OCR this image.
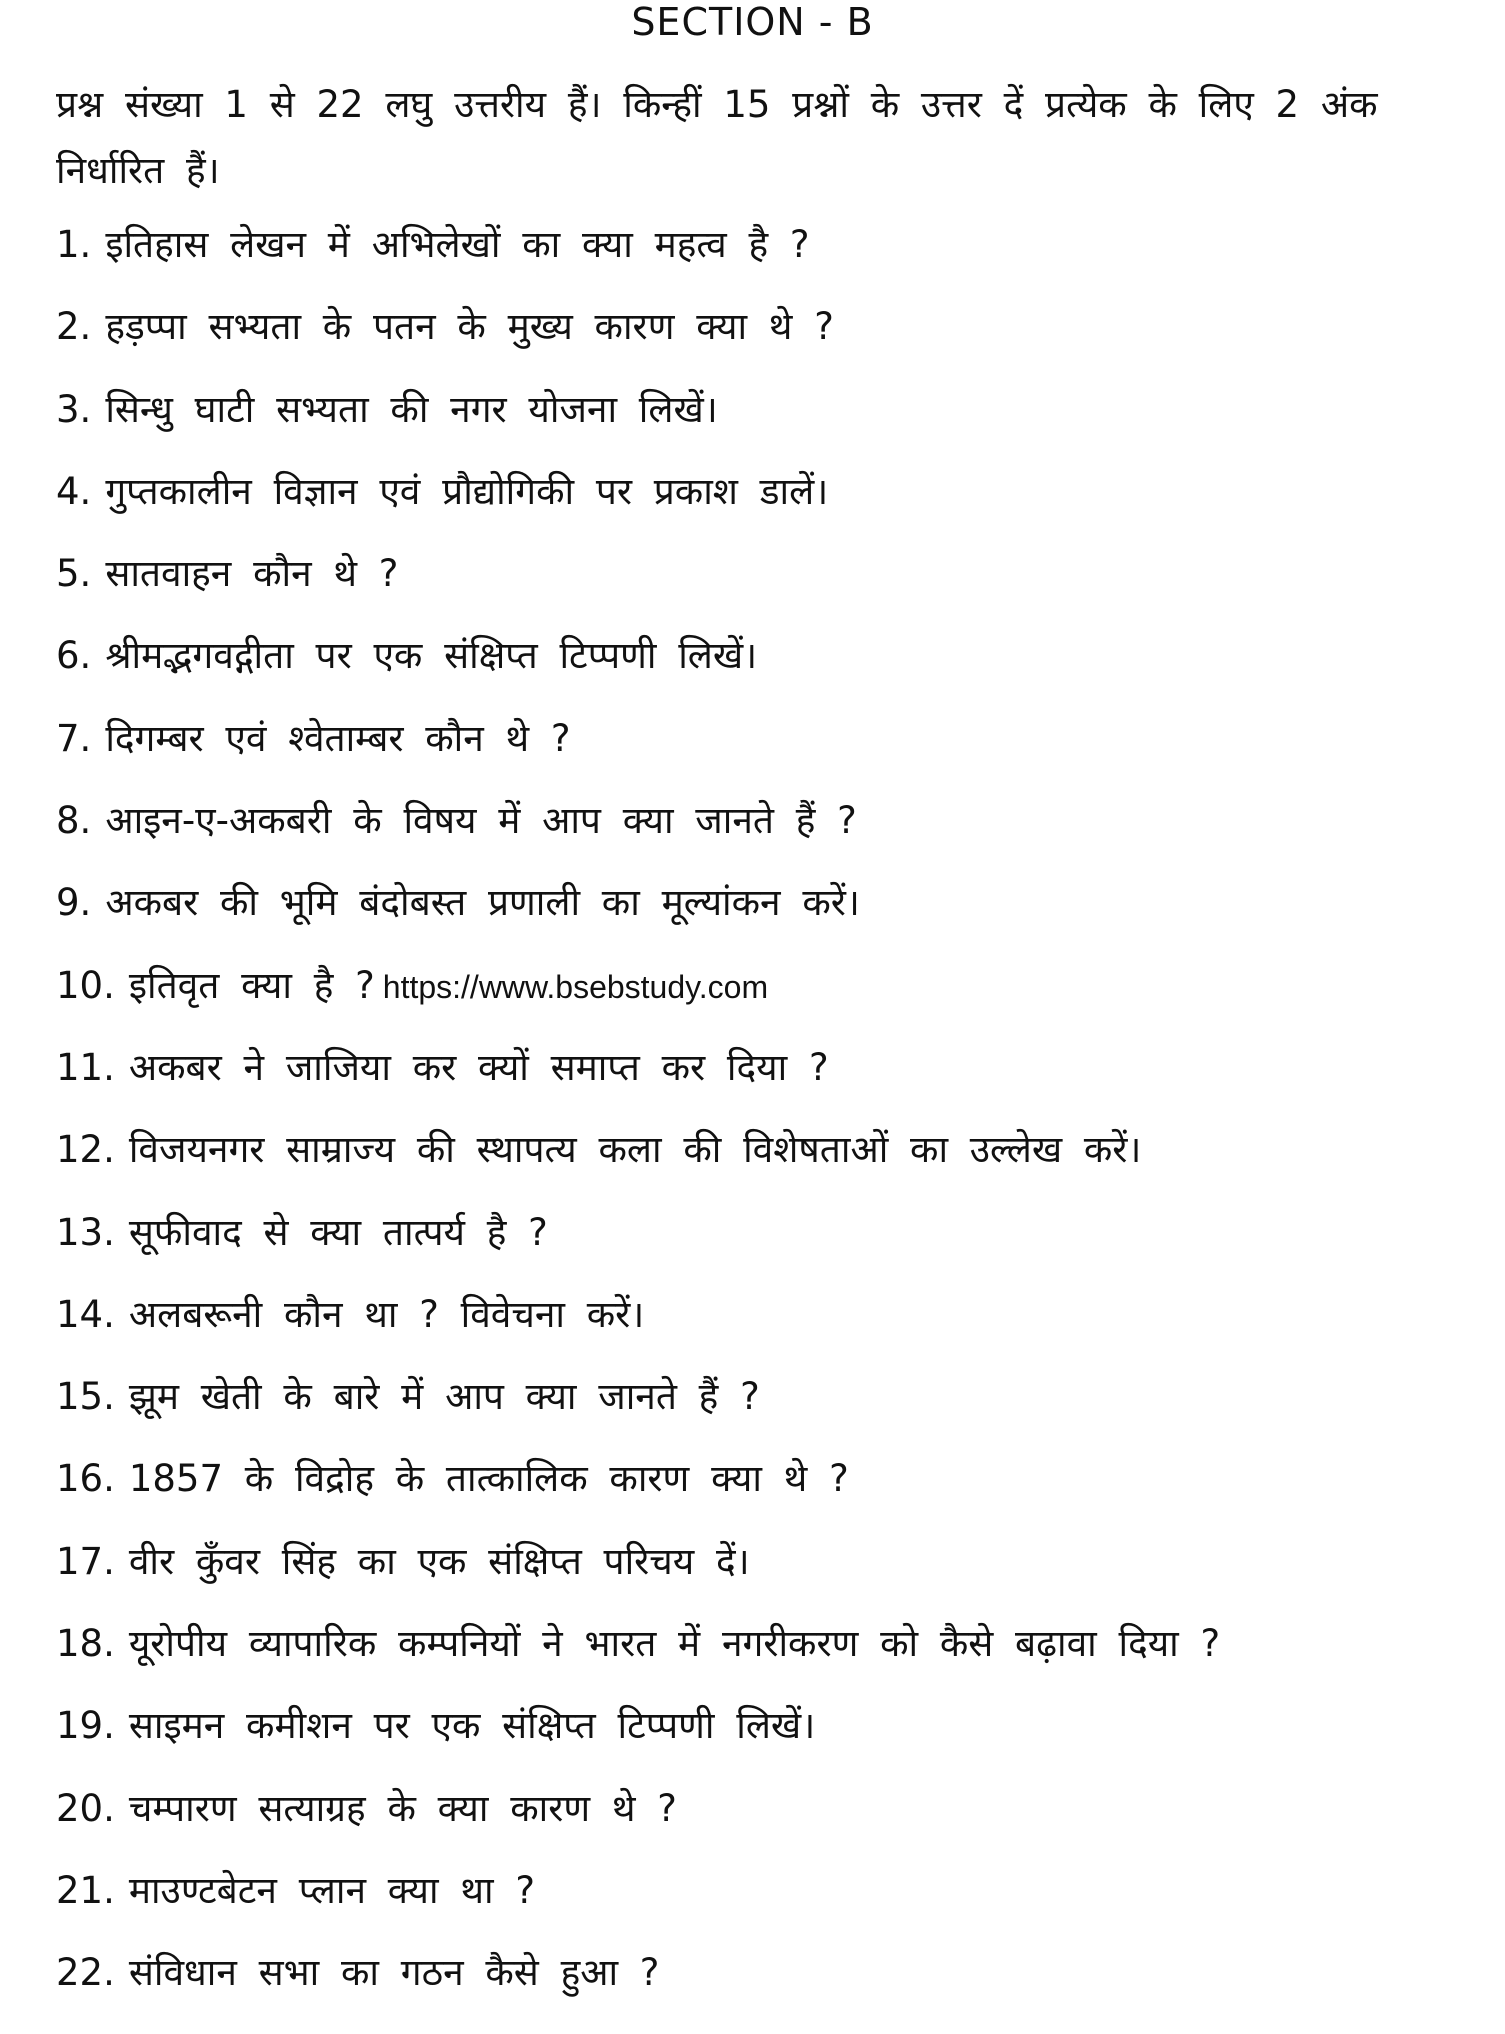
SECTION - B
प्रश्न संख्या 1 से 22 लघु उत्तरीय हैं। किन्हीं 15 प्रश्नों के उत्तर दें प्रत्येक के लिए 2 अंक निर्धारित हैं।
1. इतिहास लेखन में अभिलेखों का क्या महत्व है ?
2. हड़प्पा सभ्यता के पतन के मुख्य कारण क्या थे ?
3. सिन्धु घाटी सभ्यता की नगर योजना लिखें।
4. गुप्तकालीन विज्ञान एवं प्रौद्योगिकी पर प्रकाश डालें।
5. सातवाहन कौन थे ?
6. श्रीमद्भगवद्गीता पर एक संक्षिप्त टिप्पणी लिखें।
7. दिगम्बर एवं श्वेताम्बर कौन थे ?
8. आइन-ए-अकबरी के विषय में आप क्या जानते हैं ?
9. अकबर की भूमि बंदोबस्त प्रणाली का मूल्यांकन करें।
10. इतिवृत क्या है ? https://www.bsebstudy.com
11. अकबर ने जाजिया कर क्यों समाप्त कर दिया ?
12. विजयनगर साम्राज्य की स्थापत्य कला की विशेषताओं का उल्लेख करें।
13. सूफीवाद से क्या तात्पर्य है ?
14. अलबरूनी कौन था ? विवेचना करें।
15. झूम खेती के बारे में आप क्या जानते हैं ?
16. 1857 के विद्रोह के तात्कालिक कारण क्या थे ?
17. वीर कुँवर सिंह का एक संक्षिप्त परिचय दें।
18. यूरोपीय व्यापारिक कम्पनियों ने भारत में नगरीकरण को कैसे बढ़ावा दिया ?
19. साइमन कमीशन पर एक संक्षिप्त टिप्पणी लिखें।
20. चम्पारण सत्याग्रह के क्या कारण थे ?
21. माउण्टबेटन प्लान क्या था ?
22. संविधान सभा का गठन कैसे हुआ ?
